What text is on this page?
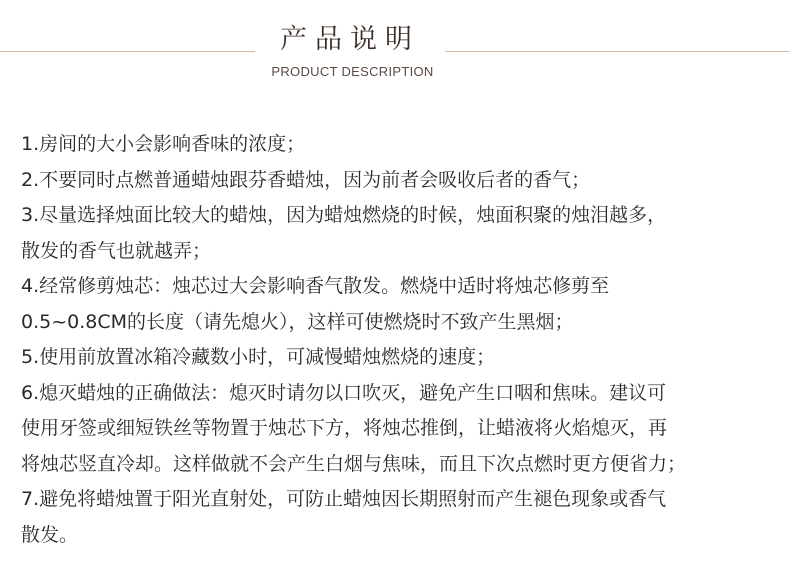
产品说明
PRODUCT DESCRIPTION
1.房间的大小会影响香味的浓度；
2.不要同时点燃普通蜡烛跟芬香蜡烛，因为前者会吸收后者的香气；
3.尽量选择烛面比较大的蜡烛，因为蜡烛燃烧的时候，烛面积聚的烛泪越多，
散发的香气也就越弄；
4.经常修剪烛芯：烛芯过大会影响香气散发。燃烧中适时将烛芯修剪至
0.5~0.8CM的长度（请先熄火），这样可使燃烧时不致产生黑烟；
5.使用前放置冰箱冷藏数小时，可减慢蜡烛燃烧的速度；
6.熄灭蜡烛的正确做法：熄灭时请勿以口吹灭，避免产生口咽和焦味。建议可
使用牙签或细短铁丝等物置于烛芯下方，将烛芯推倒，让蜡液将火焰熄灭，再
将烛芯竖直冷却。这样做就不会产生白烟与焦味，而且下次点燃时更方便省力；
7.避免将蜡烛置于阳光直射处，可防止蜡烛因长期照射而产生褪色现象或香气
散发。
